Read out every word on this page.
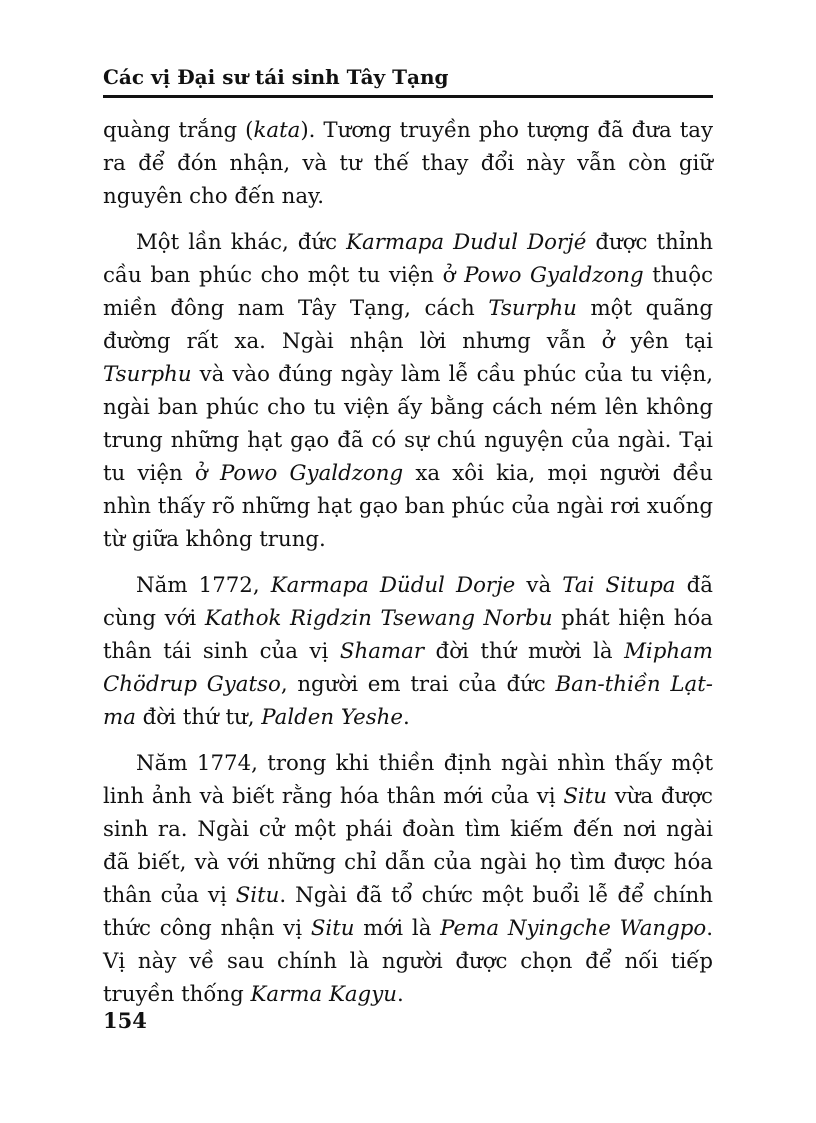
Các vị Đại sư tái sinh Tây Tạng

quàng trắng (kata). Tương truyền pho tượng đã đưa tay ra để đón nhận, và tư thế thay đổi này vẫn còn giữ nguyên cho đến nay.

Một lần khác, đức Karmapa Dudul Dorjé được thỉnh cầu ban phúc cho một tu viện ở Powo Gyaldzong thuộc miền đông nam Tây Tạng, cách Tsurphu một quãng đường rất xa. Ngài nhận lời nhưng vẫn ở yên tại Tsurphu và vào đúng ngày làm lễ cầu phúc của tu viện, ngài ban phúc cho tu viện ấy bằng cách ném lên không trung những hạt gạo đã có sự chú nguyện của ngài. Tại tu viện ở Powo Gyaldzong xa xôi kia, mọi người đều nhìn thấy rõ những hạt gạo ban phúc của ngài rơi xuống từ giữa không trung.

Năm 1772, Karmapa Düdul Dorje và Tai Situpa đã cùng với Kathok Rigdzin Tsewang Norbu phát hiện hóa thân tái sinh của vị Shamar đời thứ mười là Mipham Chödrup Gyatso, người em trai của đức Ban-thiền Lạt-ma đời thứ tư, Palden Yeshe.

Năm 1774, trong khi thiền định ngài nhìn thấy một linh ảnh và biết rằng hóa thân mới của vị Situ vừa được sinh ra. Ngài cử một phái đoàn tìm kiếm đến nơi ngài đã biết, và với những chỉ dẫn của ngài họ tìm được hóa thân của vị Situ. Ngài đã tổ chức một buổi lễ để chính thức công nhận vị Situ mới là Pema Nyingche Wangpo. Vị này về sau chính là người được chọn để nối tiếp truyền thống Karma Kagyu.

154
